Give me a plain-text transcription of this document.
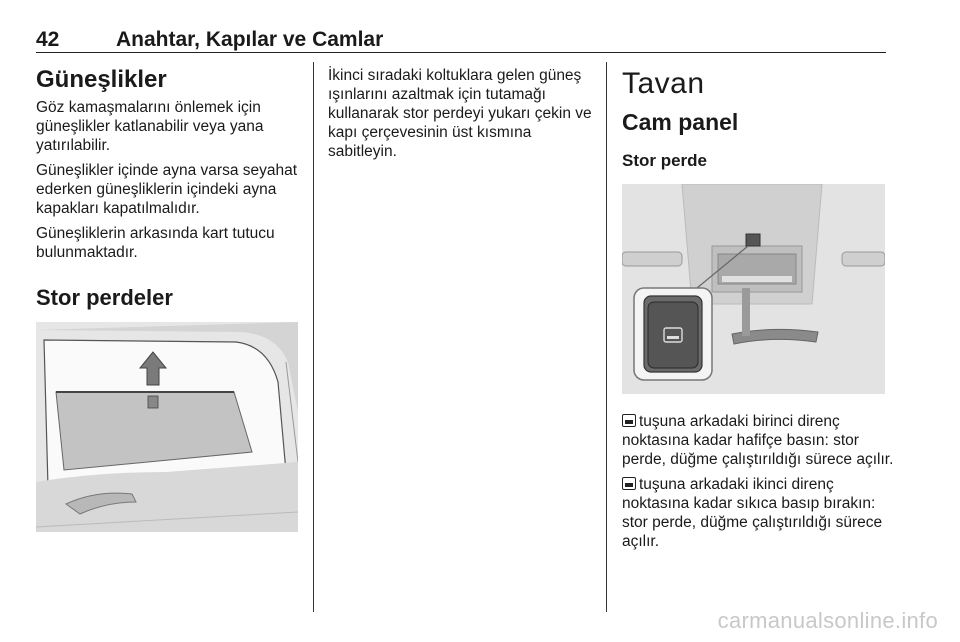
42	Anahtar, Kapılar ve Camlar
Güneşlikler

Göz kamaşmalarını önlemek için güneşlikler katlanabilir veya yana yatırılabilir.

Güneşlikler içinde ayna varsa seyahat ederken güneşliklerin içindeki ayna kapakları kapatılmalıdır.

Güneşliklerin arkasında kart tutucu bulunmaktadır.

Stor perdeler

İkinci sıradaki koltuklara gelen güneş ışınlarını azaltmak için tutamağı kullanarak stor perdeyi yukarı çekin ve kapı çerçevesinin üst kısmına sabitleyin.

Tavan
Cam panel
Stor perde

tuşuna arkadaki birinci direnç noktasına kadar hafifçe basın: stor perde, düğme çalıştırıldığı sürece açılır.

tuşuna arkadaki ikinci direnç noktasına kadar sıkıca basıp bırakın: stor perde, düğme çalıştırıldığı sürece açılır.

carmanualsonline.info
